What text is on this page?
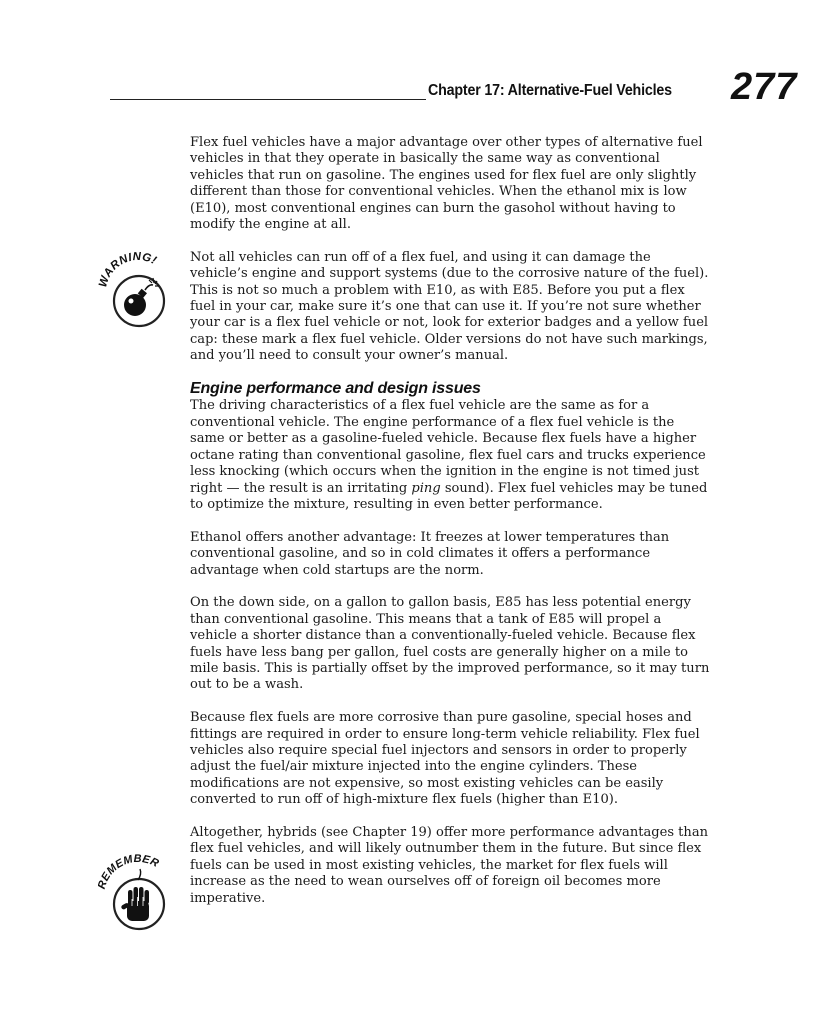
Chapter 17: Alternative-Fuel Vehicles 277
WARNING!
EMEMBER

Flex fuel vehicles have a major advantage over other types of alternative fuel vehicles in that they operate in basically the same way as conventional vehicles that run on gasoline. The engines used for flex fuel are only slightly different than those for conventional vehicles. When the ethanol mix is low (E10), most conventional engines can burn the gasohol without having to modify the engine at all.

Not all vehicles can run off of a flex fuel, and using it can damage the vehicle’s engine and support systems (due to the corrosive nature of the fuel). This is not so much a problem with E10, as with E85. Before you put a flex fuel in your car, make sure it’s one that can use it. If you’re not sure whether your car is a flex fuel vehicle or not, look for exterior badges and a yellow fuel cap: these mark a flex fuel vehicle. Older versions do not have such markings, and you’ll need to consult your owner’s manual.

Engine performance and design issues

The driving characteristics of a flex fuel vehicle are the same as for a conventional vehicle. The engine performance of a flex fuel vehicle is the same or better as a gasoline-fueled vehicle. Because flex fuels have a higher octane rating than conventional gasoline, flex fuel cars and trucks experience less knocking (which occurs when the ignition in the engine is not timed just right — the result is an irritating ping sound). Flex fuel vehicles may be tuned to optimize the mixture, resulting in even better performance.

Ethanol offers another advantage: It freezes at lower temperatures than conventional gasoline, and so in cold climates it offers a performance advantage when cold startups are the norm.

On the down side, on a gallon to gallon basis, E85 has less potential energy than conventional gasoline. This means that a tank of E85 will propel a vehicle a shorter distance than a conventionally-fueled vehicle. Because flex fuels have less bang per gallon, fuel costs are generally higher on a mile to mile basis. This is partially offset by the improved performance, so it may turn out to be a wash.

Because flex fuels are more corrosive than pure gasoline, special hoses and fittings are required in order to ensure long-term vehicle reliability. Flex fuel vehicles also require special fuel injectors and sensors in order to properly adjust the fuel/air mixture injected into the engine cylinders. These modifications are not expensive, so most existing vehicles can be easily converted to run off of high-mixture flex fuels (higher than E10).

Altogether, hybrids (see Chapter 19) offer more performance advantages than flex fuel vehicles, and will likely outnumber them in the future. But since flex fuels can be used in most existing vehicles, the market for flex fuels will increase as the need to wean ourselves off of foreign oil becomes more imperative.
